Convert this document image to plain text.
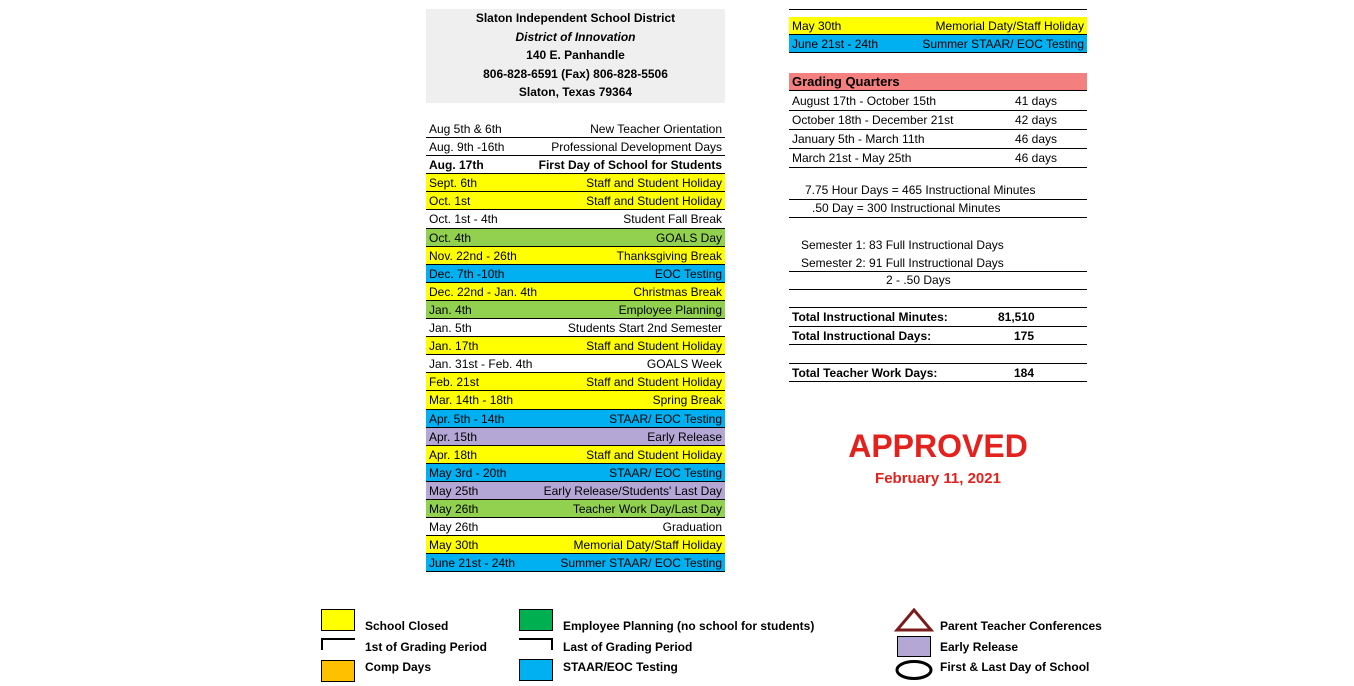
Slaton Independent School District
District of Innovation
140 E. Panhandle
806-828-6591 (Fax) 806-828-5506
Slaton, Texas 79364
Aug 5th & 6th	New Teacher Orientation
Aug. 9th -16th	Professional Development Days
Aug. 17th	First Day of School for Students
Sept. 6th	Staff and Student Holiday
Oct. 1st	Staff and Student Holiday
Oct. 1st - 4th	Student Fall Break
Oct. 4th	GOALS Day
Nov. 22nd - 26th	Thanksgiving Break
Dec. 7th -10th	EOC Testing
Dec. 22nd - Jan. 4th	Christmas Break
Jan. 4th	Employee Planning
Jan. 5th	Students Start 2nd Semester
Jan. 17th	Staff and Student Holiday
Jan. 31st - Feb. 4th	GOALS Week
Feb. 21st	Staff and Student Holiday
Mar. 14th - 18th	Spring Break
Apr. 5th - 14th	STAAR/ EOC Testing
Apr. 15th	Early Release
Apr. 18th	Staff and Student Holiday
May 3rd - 20th	STAAR/ EOC Testing
May 25th	Early Release/Students' Last Day
May 26th	Teacher Work Day/Last Day
May 26th	Graduation
May 30th	Memorial Daty/Staff Holiday
June 21st - 24th	Summer STAAR/ EOC Testing
May 30th	Memorial Daty/Staff Holiday
June 21st - 24th	Summer STAAR/ EOC Testing
Grading Quarters
August 17th - October 15th	41 days
October 18th - December 21st	42 days
January 5th - March 11th	46 days
March 21st - May 25th	46 days
7.75 Hour Days = 465 Instructional Minutes
.50 Day = 300 Instructional Minutes
Semester 1: 83 Full Instructional Days
Semester 2: 91 Full Instructional Days
2 - .50 Days
Total Instructional Minutes:	81,510
Total Instructional Days:	175
Total Teacher Work Days:	184
APPROVED
February 11, 2021
School Closed
1st of Grading Period
Comp Days
Employee Planning (no school for students)
Last of Grading Period
STAAR/EOC Testing
Parent Teacher Conferences
Early Release
First & Last Day of School
